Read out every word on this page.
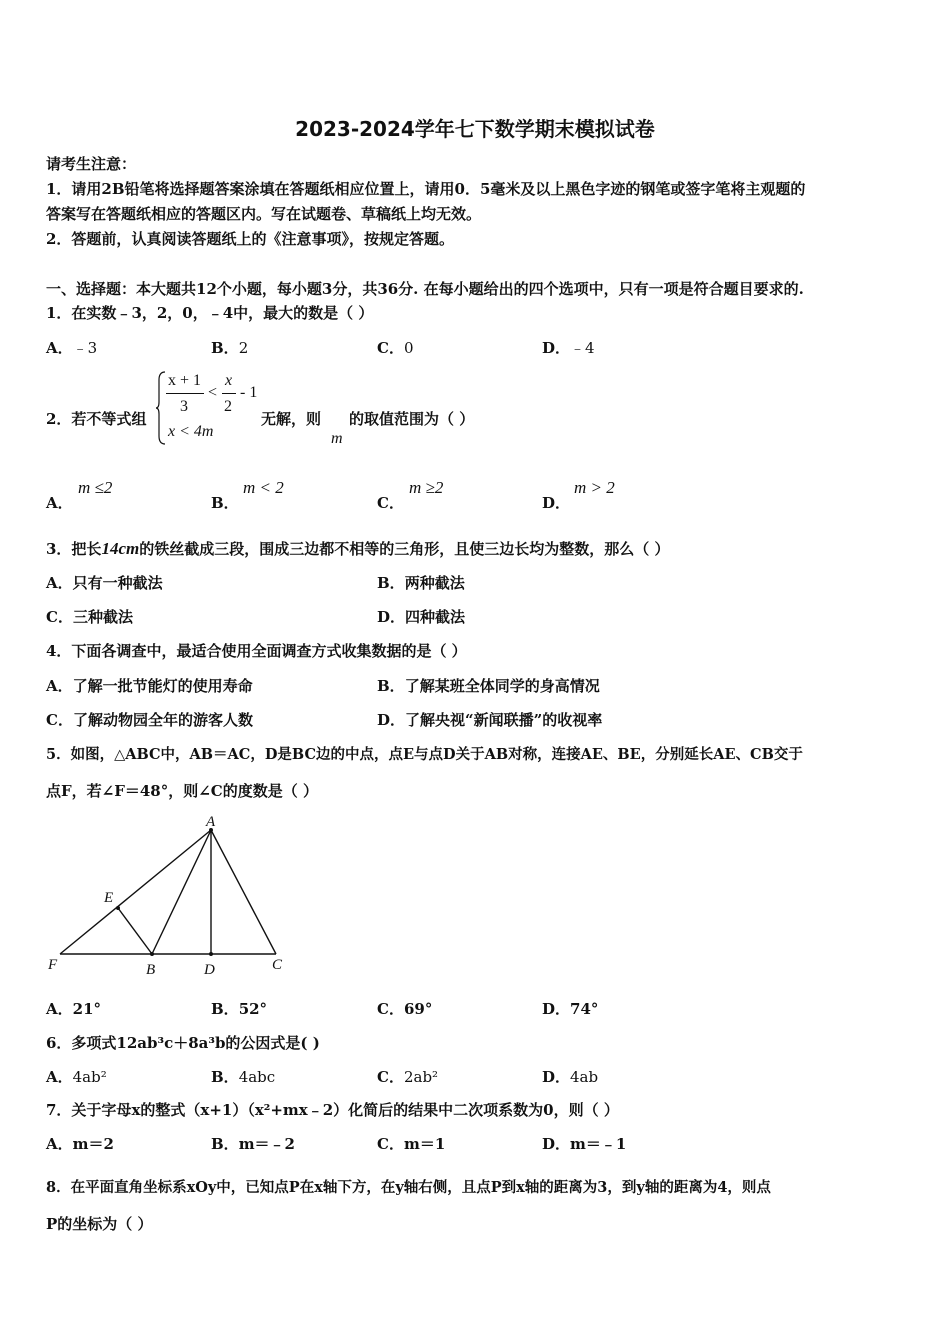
2023-2024学年七下数学期末模拟试卷
请考生注意：
1．请用2B铅笔将选择题答案涂填在答题纸相应位置上，请用0．5毫米及以上黑色字迹的钢笔或签字笔将主观题的
答案写在答题纸相应的答题区内。写在试题卷、草稿纸上均无效。
2．答题前，认真阅读答题纸上的《注意事项》，按规定答题。
一、选择题：本大题共12个小题，每小题3分，共36分. 在每小题给出的四个选项中，只有一项是符合题目要求的.
1．在实数﹣3，2，0，﹣4中，最大的数是（ ）
A．﹣3	B．2	C．0	D．﹣4
2．若不等式组
x + 1
3
<
x
2
- 1
x < 4m
无解，则
m
的取值范围为（ ）
A．
m ≤2
B．
m < 2
C．
m ≥2
D．
m > 2
3．把长14cm的铁丝截成三段，围成三边都不相等的三角形，且使三边长均为整数，那么（ ）
A．只有一种截法	B．两种截法
C．三种截法	D．四种截法
4．下面各调查中，最适合使用全面调查方式收集数据的是（ ）
A．了解一批节能灯的使用寿命	B．了解某班全体同学的身高情况
C．了解动物园全年的游客人数	D．了解央视“新闻联播”的收视率
5．如图，△ABC中，AB＝AC，D是BC边的中点，点E与点D关于AB对称，连接AE、BE，分别延长AE、CB交于
点F，若∠F＝48°，则∠C的度数是（ ）
A
E
F	B	D	C
A．21°	B．52°	C．69°	D．74°
6．多项式12ab³c＋8a³b的公因式是( )
A．4ab²	B．4abc	C．2ab²	D．4ab
7．关于字母x的整式（x+1）（x²+mx﹣2）化简后的结果中二次项系数为0，则（ ）
A．m＝2	B．m＝﹣2	C．m＝1	D．m＝﹣1
8．在平面直角坐标系xOy中，已知点P在x轴下方，在y轴右侧，且点P到x轴的距离为3，到y轴的距离为4，则点
P的坐标为（ ）
